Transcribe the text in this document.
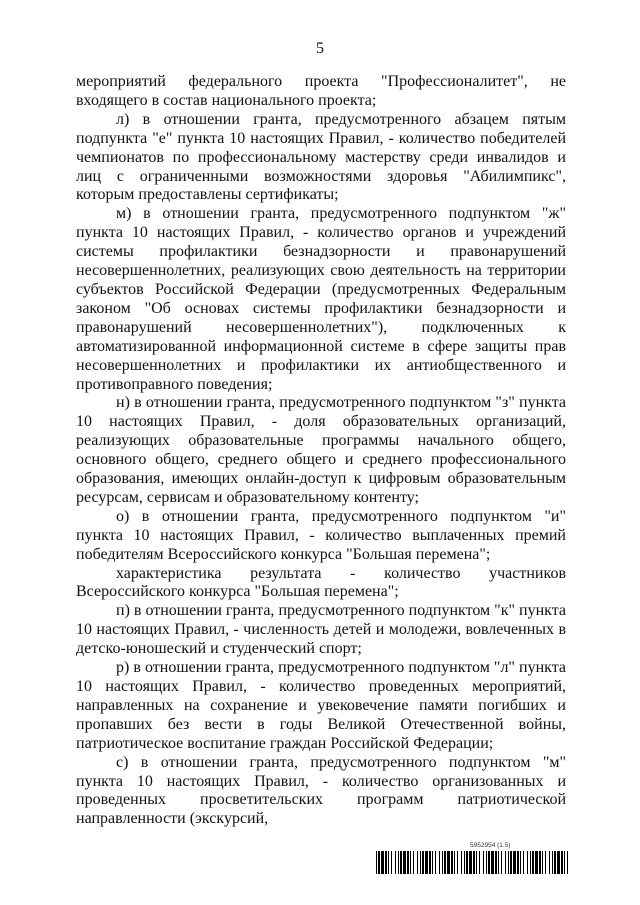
5

мероприятий федерального проекта "Профессионалитет", не входящего в состав национального проекта;

л) в отношении гранта, предусмотренного абзацем пятым подпункта "е" пункта 10 настоящих Правил, - количество победителей чемпионатов по профессиональному мастерству среди инвалидов и лиц с ограниченными возможностями здоровья "Абилимпикс", которым предоставлены сертификаты;

м) в отношении гранта, предусмотренного подпунктом "ж" пункта 10 настоящих Правил, - количество органов и учреждений системы профилактики безнадзорности и правонарушений несовершеннолетних, реализующих свою деятельность на территории субъектов Российской Федерации (предусмотренных Федеральным законом "Об основах системы профилактики безнадзорности и правонарушений несовершеннолетних"), подключенных к автоматизированной информационной системе в сфере защиты прав несовершеннолетних и профилактики их антиобщественного и противоправного поведения;

н) в отношении гранта, предусмотренного подпунктом "з" пункта 10 настоящих Правил, - доля образовательных организаций, реализующих образовательные программы начального общего, основного общего, среднего общего и среднего профессионального образования, имеющих онлайн-доступ к цифровым образовательным ресурсам, сервисам и образовательному контенту;

о) в отношении гранта, предусмотренного подпунктом "и" пункта 10 настоящих Правил, - количество выплаченных премий победителям Всероссийского конкурса "Большая перемена";

характеристика результата - количество участников Всероссийского конкурса "Большая перемена";

п) в отношении гранта, предусмотренного подпунктом "к" пункта 10 настоящих Правил, - численность детей и молодежи, вовлеченных в детско-юношеский и студенческий спорт;

р) в отношении гранта, предусмотренного подпунктом "л" пункта 10 настоящих Правил, - количество проведенных мероприятий, направленных на сохранение и увековечение памяти погибших и пропавших без вести в годы Великой Отечественной войны, патриотическое воспитание граждан Российской Федерации;

с) в отношении гранта, предусмотренного подпунктом "м" пункта 10 настоящих Правил, - количество организованных и проведенных просветительских программ патриотической направленности (экскурсий,

5952954 (1.5)
